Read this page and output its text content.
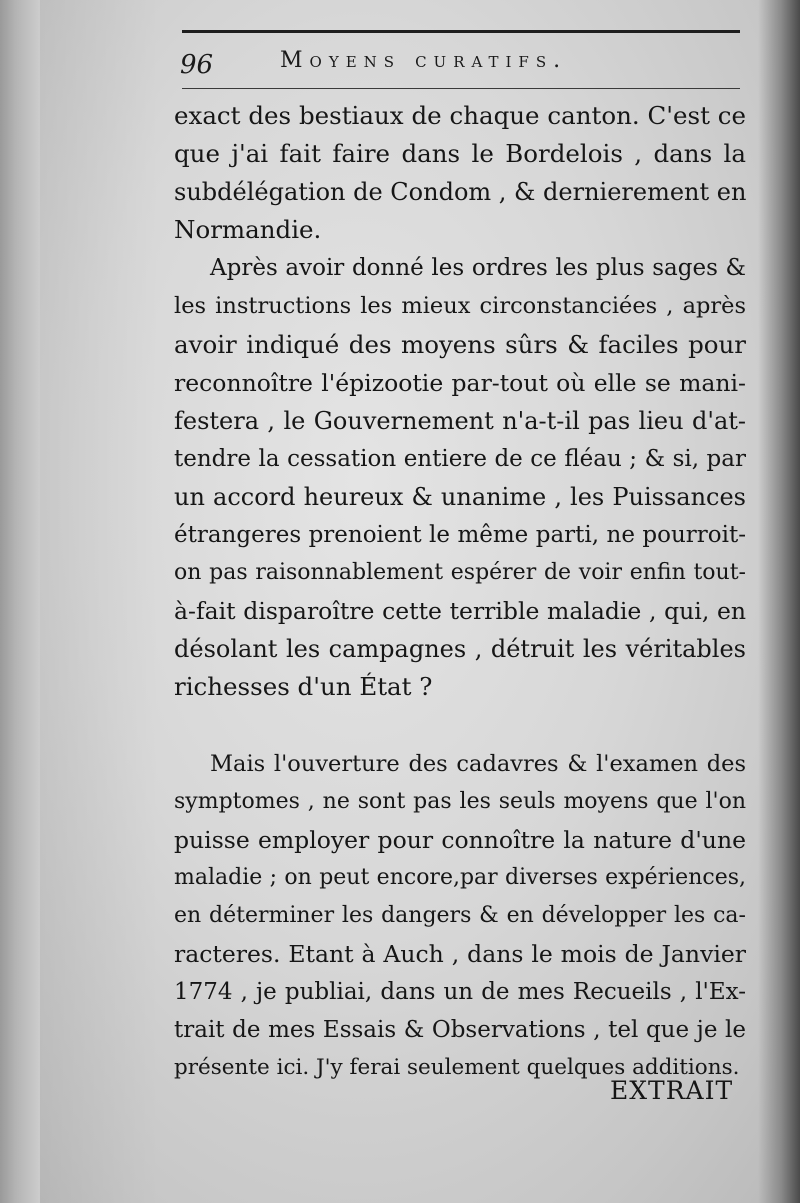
96	Moyens curatifs.
exact des bestiaux de chaque canton. C'est ce
que j'ai fait faire dans le Bordelois , dans la
subdélégation de Condom , & dernierement en
Normandie.
Après avoir donné les ordres les plus sages &
les instructions les mieux circonstanciées , après
avoir indiqué des moyens sûrs & faciles pour
reconnoître l'épizootie par-tout où elle se mani-
festera , le Gouvernement n'a-t-il pas lieu d'at-
tendre la cessation entiere de ce fléau ; & si, par
un accord heureux & unanime , les Puissances
étrangeres prenoient le même parti, ne pourroit-
on pas raisonnablement espérer de voir enfin tout-
à-fait disparoître cette terrible maladie , qui, en
désolant les campagnes , détruit les véritables
richesses d'un État ?
Mais l'ouverture des cadavres & l'examen des
symptomes , ne sont pas les seuls moyens que l'on
puisse employer pour connoître la nature d'une
maladie ; on peut encore,par diverses expériences,
en déterminer les dangers & en développer les ca-
racteres. Etant à Auch , dans le mois de Janvier
1774 , je publiai, dans un de mes Recueils , l'Ex-
trait de mes Essais & Observations , tel que je le
présente ici. J'y ferai seulement quelques additions.
EXTRAIT
